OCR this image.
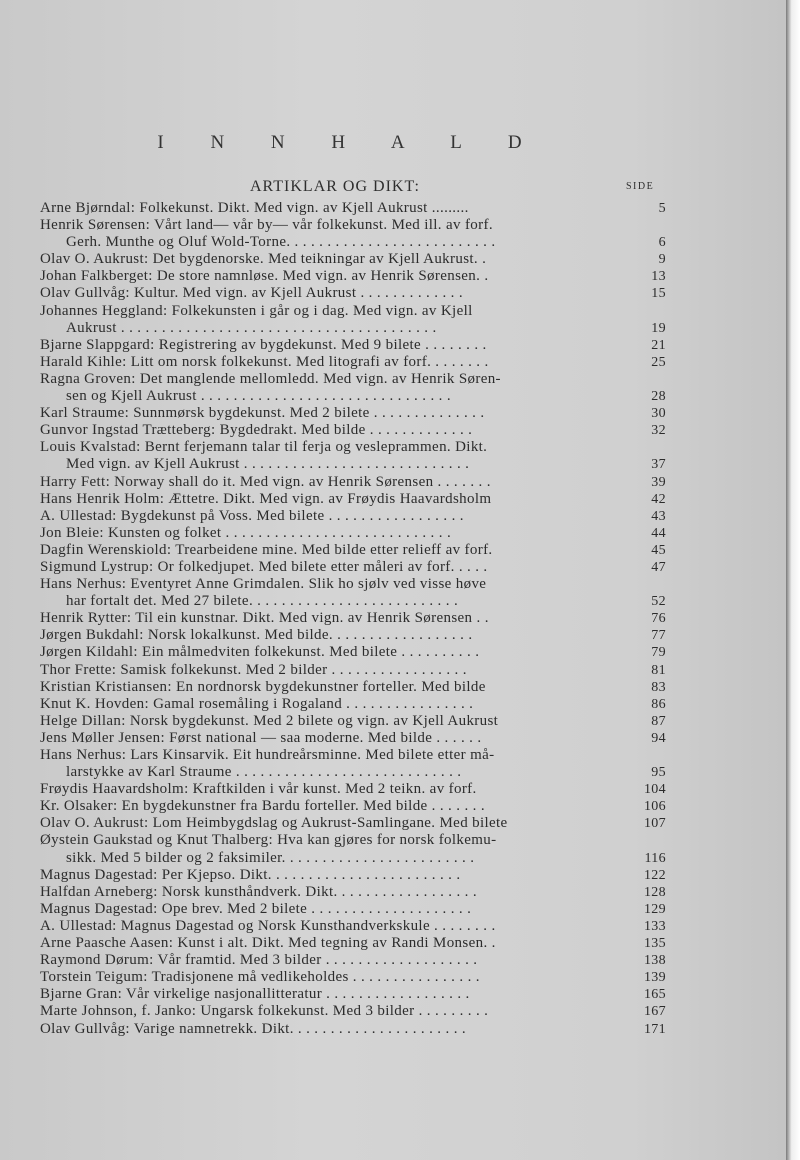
I N N H A L D
ARTIKLAR OG DIKT:	SIDE
Arne Bjørndal: Folkekunst. Dikt. Med vign. av Kjell Aukrust .........	5
Henrik Sørensen: Vårt land— vår by— vår folkekunst. Med ill. av forf.
Gerh. Munthe og Oluf Wold-Torne. . . . . . . . . . . . . . . . . . . . . . . . . .	6
Olav O. Aukrust: Det bygdenorske. Med teikningar av Kjell Aukrust. .	9
Johan Falkberget: De store namnløse. Med vign. av Henrik Sørensen. .	13
Olav Gullvåg: Kultur. Med vign. av Kjell Aukrust . . . . . . . . . . . . .	15
Johannes Heggland: Folkekunsten i går og i dag. Med vign. av Kjell
Aukrust . . . . . . . . . . . . . . . . . . . . . . . . . . . . . . . . . . . . . . .	19
Bjarne Slappgard: Registrering av bygdekunst. Med 9 bilete . . . . . . . .	21
Harald Kihle: Litt om norsk folkekunst. Med litografi av forf. . . . . . . .	25
Ragna Groven: Det manglende mellomledd. Med vign. av Henrik Søren-
sen og Kjell Aukrust . . . . . . . . . . . . . . . . . . . . . . . . . . . . . . .	28
Karl Straume: Sunnmørsk bygdekunst. Med 2 bilete . . . . . . . . . . . . . .	30
Gunvor Ingstad Trætteberg: Bygdedrakt. Med bilde . . . . . . . . . . . . .	32
Louis Kvalstad: Bernt ferjemann talar til ferja og vesleprammen. Dikt.
Med vign. av Kjell Aukrust . . . . . . . . . . . . . . . . . . . . . . . . . . . .	37
Harry Fett: Norway shall do it. Med vign. av Henrik Sørensen . . . . . . .	39
Hans Henrik Holm: Ættetre. Dikt. Med vign. av Frøydis Haavardsholm	42
A. Ullestad: Bygdekunst på Voss. Med bilete . . . . . . . . . . . . . . . . .	43
Jon Bleie: Kunsten og folket . . . . . . . . . . . . . . . . . . . . . . . . . . . .	44
Dagfin Werenskiold: Trearbeidene mine. Med bilde etter relieff av forf.	45
Sigmund Lystrup: Or folkedjupet. Med bilete etter måleri av forf. . . . .	47
Hans Nerhus: Eventyret Anne Grimdalen. Slik ho sjølv ved visse høve
har fortalt det. Med 27 bilete. . . . . . . . . . . . . . . . . . . . . . . . . .	52
Henrik Rytter: Til ein kunstnar. Dikt. Med vign. av Henrik Sørensen . .	76
Jørgen Bukdahl: Norsk lokalkunst. Med bilde. . . . . . . . . . . . . . . . . .	77
Jørgen Kildahl: Ein målmedviten folkekunst. Med bilete . . . . . . . . . .	79
Thor Frette: Samisk folkekunst. Med 2 bilder . . . . . . . . . . . . . . . . .	81
Kristian Kristiansen: En nordnorsk bygdekunstner forteller. Med bilde	83
Knut K. Hovden: Gamal rosemåling i Rogaland . . . . . . . . . . . . . . . .	86
Helge Dillan: Norsk bygdekunst. Med 2 bilete og vign. av Kjell Aukrust	87
Jens Møller Jensen: Først national — saa moderne. Med bilde . . . . . .	94
Hans Nerhus: Lars Kinsarvik. Eit hundreårsminne. Med bilete etter må-
larstykke av Karl Straume . . . . . . . . . . . . . . . . . . . . . . . . . . . .	95
Frøydis Haavardsholm: Kraftkilden i vår kunst. Med 2 teikn. av forf.	104
Kr. Olsaker: En bygdekunstner fra Bardu forteller. Med bilde . . . . . . .	106
Olav O. Aukrust: Lom Heimbygdslag og Aukrust-Samlingane. Med bilete	107
Øystein Gaukstad og Knut Thalberg: Hva kan gjøres for norsk folkemu-
sikk. Med 5 bilder og 2 faksimiler. . . . . . . . . . . . . . . . . . . . . . . .	116
Magnus Dagestad: Per Kjepso. Dikt. . . . . . . . . . . . . . . . . . . . . . . .	122
Halfdan Arneberg: Norsk kunsthåndverk. Dikt. . . . . . . . . . . . . . . . . .	128
Magnus Dagestad: Ope brev. Med 2 bilete . . . . . . . . . . . . . . . . . . . .	129
A. Ullestad: Magnus Dagestad og Norsk Kunsthandverkskule . . . . . . . .	133
Arne Paasche Aasen: Kunst i alt. Dikt. Med tegning av Randi Monsen. .	135
Raymond Dørum: Vår framtid. Med 3 bilder . . . . . . . . . . . . . . . . . . .	138
Torstein Teigum: Tradisjonene må vedlikeholdes . . . . . . . . . . . . . . . .	139
Bjarne Gran: Vår virkelige nasjonallitteratur . . . . . . . . . . . . . . . . . .	165
Marte Johnson, f. Janko: Ungarsk folkekunst. Med 3 bilder . . . . . . . . .	167
Olav Gullvåg: Varige namnetrekk. Dikt. . . . . . . . . . . . . . . . . . . . . .	171
